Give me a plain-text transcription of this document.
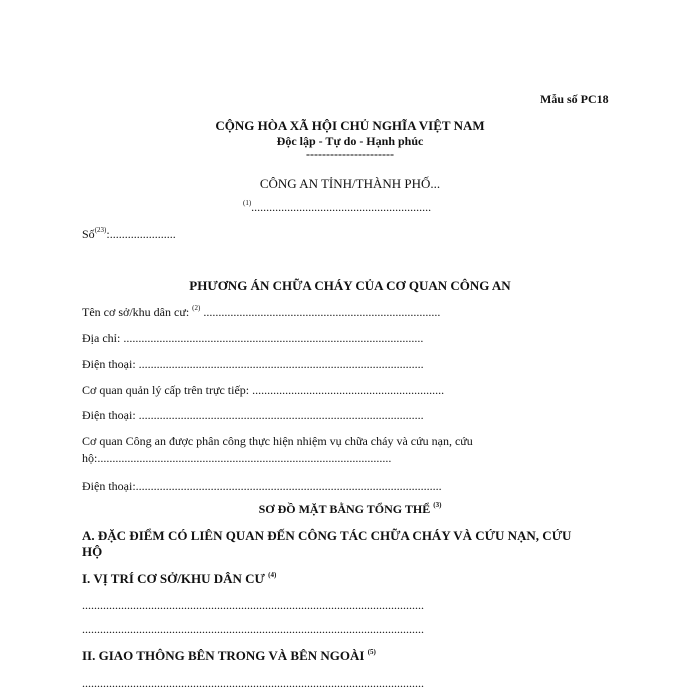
Mẫu số PC18
CỘNG HÒA XÃ HỘI CHỦ NGHĨA VIỆT NAM
Độc lập - Tự do - Hạnh phúc
----------------------
CÔNG AN TỈNH/THÀNH PHỐ...
$^{(1)}$............................................................
Số$^{(23)}$:......................
PHƯƠNG ÁN CHỮA CHÁY CỦA CƠ QUAN CÔNG AN
Tên cơ sở/khu dân cư: $^{(2)}$ ...............................................................................
Địa chỉ: ....................................................................................................
Điện thoại: ...............................................................................................
Cơ quan quản lý cấp trên trực tiếp: ................................................................
Điện thoại: ...............................................................................................
Cơ quan Công an được phân công thực hiện nhiệm vụ chữa cháy và cứu nạn, cứu
hộ:..................................................................................................
Điện thoại:......................................................................................................
SƠ ĐỒ MẶT BẰNG TỔNG THỂ $^{(3)}$
A. ĐẶC ĐIỂM CÓ LIÊN QUAN ĐẾN CÔNG TÁC CHỮA CHÁY VÀ CỨU NẠN, CỨU
HỘ
I. VỊ TRÍ CƠ SỞ/KHU DÂN CƯ $^{(4)}$
..................................................................................................................
..................................................................................................................
II. GIAO THÔNG BÊN TRONG VÀ BÊN NGOÀI $^{(5)}$
..................................................................................................................
